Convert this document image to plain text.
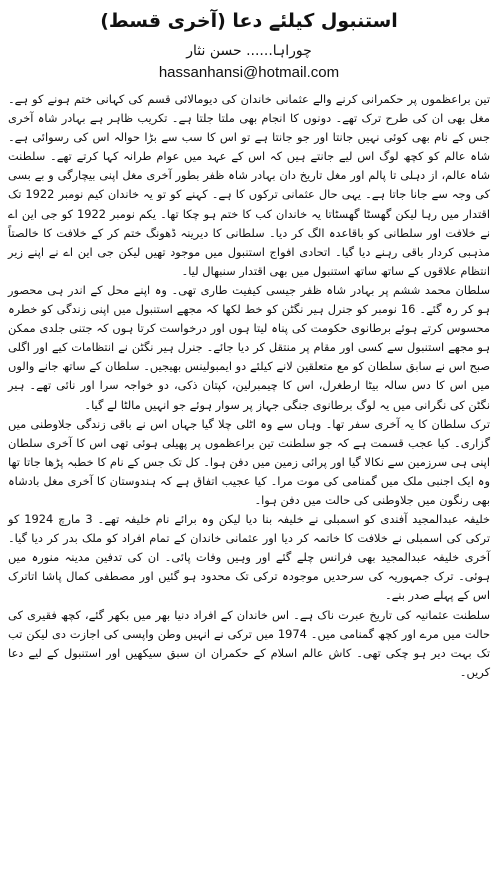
استنبول کیلئے دعا (آخری قسط)
چوراہا...... حسن نثار
hassanhansi@hotmail.com

تین براعظموں پر حکمرانی کرنے والے عثمانی خاندان کی دیومالائی قسم کی کہانی ختم ہونے کو ہے۔ مغل بھی ان کی طرح ترک تھے۔ دونوں کا انجام بھی ملتا جلتا ہے۔ تکریب ظاہر ہے بہادر شاہ آخری جس کے نام بھی کوئی نہیں جانتا اور جو جانتا ہے تو اس کا سب سے بڑا حوالہ اس کی رسوائی ہے۔ شاہ عالم کو کچھ لوگ اس لیے جانتے ہیں کہ اس کے عہد میں عوام طرانہ کہا کرتے تھے۔ سلطنت شاہ عالم، از دہلی تا پالم اور مغل تاریخ دان بہادر شاہ ظفر بطور آخری مغل اپنی بیچارگی و بے بسی کی وجہ سے جانا جاتا ہے۔ یہی حال عثمانی ترکوں کا ہے۔ کہنے کو تو یہ خاندان کیم نومبر 1922 تک اقتدار میں رہا لیکن گھسٹا گھسٹاتا یہ خاندان کب کا ختم ہو چکا تھا۔ یکم نومبر 1922 کو جی این اے نے خلافت اور سلطانی کو باقاعدہ الگ کر دیا۔ سلطانی کا دیرینہ ڈھونگ ختم کر کے خلافت کا خالصتاً مذہبی کردار باقی رہنے دیا گیا۔ اتحادی افواج استنبول میں موجود تھیں لیکن جی این اے نے اپنے زیر انتظام علاقوں کے ساتھ ساتھ استنبول میں بھی اقتدار سنبھال لیا۔

سلطان محمد ششم پر بہادر شاہ ظفر جیسی کیفیت طاری تھی۔ وہ اپنے محل کے اندر ہی محصور ہو کر رہ گئے۔ 16 نومبر کو جنرل ہیر نگٹن کو خط لکھا کہ مجھے استنبول میں اپنی زندگی کو خطرہ محسوس کرتے ہوئے برطانوی حکومت کی پناہ لیتا ہوں اور درخواست کرتا ہوں کہ جتنی جلدی ممکن ہو مجھے استنبول سے کسی اور مقام پر منتقل کر دیا جائے۔ جنرل ہیر نگٹن نے انتظامات کیے اور اگلی صبح اس نے سابق سلطان کو مع متعلقین لانے کیلئے دو ایمبولینس بھیجیں۔ سلطان کے ساتھ جانے والوں میں اس کا دس سالہ بیٹا ارطغرل، اس کا چیمبرلین، کپتان ذکی، دو خواجہ سرا اور نائی تھے۔ ہیر نگٹن کی نگرانی میں یہ لوگ برطانوی جنگی جہاز پر سوار ہوئے جو انہیں مالٹا لے گیا۔

ترک سلطان کا یہ آخری سفر تھا۔ وہاں سے وہ اٹلی چلا گیا جہاں اس نے باقی زندگی جلاوطنی میں گزاری۔ کیا عجب قسمت ہے کہ جو سلطنت تین براعظموں پر پھیلی ہوئی تھی اس کا آخری سلطان اپنی ہی سرزمین سے نکالا گیا اور پرائی زمین میں دفن ہوا۔ کل تک جس کے نام کا خطبہ پڑھا جاتا تھا وہ ایک اجنبی ملک میں گمنامی کی موت مرا۔ کیا عجیب اتفاق ہے کہ ہندوستان کا آخری مغل بادشاہ بھی رنگون میں جلاوطنی کی حالت میں دفن ہوا۔

خلیفہ عبدالمجید آفندی کو اسمبلی نے خلیفہ بنا دیا لیکن وہ برائے نام خلیفہ تھے۔ 3 مارچ 1924 کو ترکی کی اسمبلی نے خلافت کا خاتمہ کر دیا اور عثمانی خاندان کے تمام افراد کو ملک بدر کر دیا گیا۔ آخری خلیفہ عبدالمجید بھی فرانس چلے گئے اور وہیں وفات پائی۔ ان کی تدفین مدینہ منورہ میں ہوئی۔ ترک جمہوریہ کی سرحدیں موجودہ ترکی تک محدود ہو گئیں اور مصطفی کمال پاشا اتاترک اس کے پہلے صدر بنے۔

سلطنت عثمانیہ کی تاریخ عبرت ناک ہے۔ اس خاندان کے افراد دنیا بھر میں بکھر گئے، کچھ فقیری کی حالت میں مرے اور کچھ گمنامی میں۔ 1974 میں ترکی نے انہیں وطن واپسی کی اجازت دی لیکن تب تک بہت دیر ہو چکی تھی۔ کاش عالم اسلام کے حکمران ان سبق سیکھیں اور استنبول کے لیے دعا کریں۔
